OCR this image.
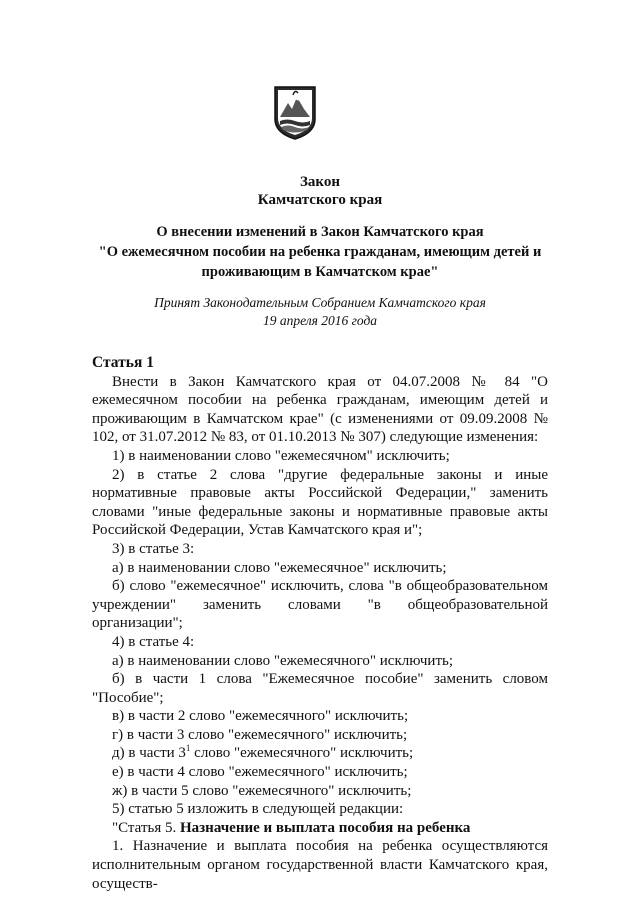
Закон
Камчатского края
О внесении изменений в Закон Камчатского края
"О ежемесячном пособии на ребенка гражданам, имеющим детей и
проживающим в Камчатском крае"
Принят Законодательным Собранием Камчатского края
19 апреля 2016 года

Статья 1

Внести в Закон Камчатского края от 04.07.2008 № 84 "О ежемесячном пособии на ребенка гражданам, имеющим детей и проживающим в Камчатском крае" (с изменениями от 09.09.2008 № 102, от 31.07.2012 № 83, от 01.10.2013 № 307) следующие изменения:

1) в наименовании слово "ежемесячном" исключить;

2) в статье 2 слова "другие федеральные законы и иные нормативные правовые акты Российской Федерации," заменить словами "иные федеральные законы и нормативные правовые акты Российской Федерации, Устав Камчатского края и";

3) в статье 3:

а) в наименовании слово "ежемесячное" исключить;

б) слово "ежемесячное" исключить, слова "в общеобразовательном учреждении" заменить словами "в общеобразовательной организации";

4) в статье 4:

а) в наименовании слово "ежемесячного" исключить;

б) в части 1 слова "Ежемесячное пособие" заменить словом "Пособие";

в) в части 2 слово "ежемесячного" исключить;

г) в части 3 слово "ежемесячного" исключить;

д) в части $3^1$ слово "ежемесячного" исключить;

е) в части 4 слово "ежемесячного" исключить;

ж) в части 5 слово "ежемесячного" исключить;

5) статью 5 изложить в следующей редакции:

"Статья 5. Назначение и выплата пособия на ребенка

1. Назначение и выплата пособия на ребенка осуществляются исполнительным органом государственной власти Камчатского края, осуществ-
